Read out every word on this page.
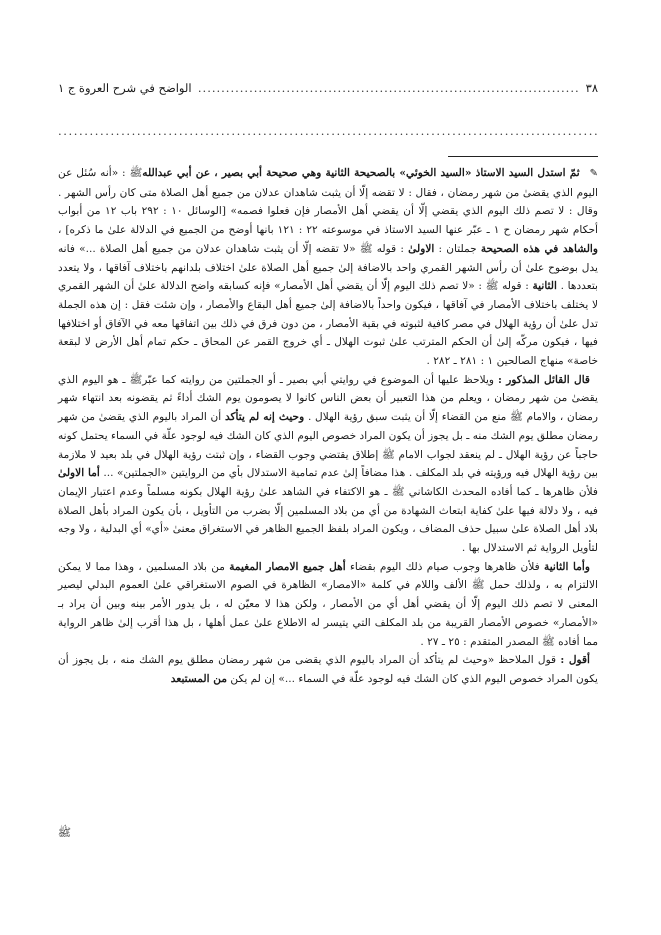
٣٨
.....
الواضح في شرح العروة ج ١
.....

✎ ثمّ استدل السيد الاستاذ «السيد الخوئي» بالصحيحة الثانية وهي صحيحة أبي بصير ، عن أبي عبداللهﷺ : «أنه سُئل عن اليوم الذي يقضىٰ من شهر رمضان ، فقال : لا تقضه إلّا أن يثبت شاهدان عدلان من جميع أهل الصلاة متى كان رأس الشهر . وقال : لا تصم ذلك اليوم الذي يقضي إلّا أن يقضي أهل الأمصار فإن فعلوا فصمه» [الوسائل ١٠ : ٢٩٢ باب ١٢ من أبواب أحكام شهر رمضان ح ١ ـ عبّر عنها السيد الاستاذ في موسوعته ٢٢ : ١٢١ بانها أوضح من الجميع في الدلالة علىٰ ما ذكره] ، والشاهد في هذه الصحيحة جملتان : الاولىٰ : قوله ﷺ «لا تقضه إلّا أن يثبت شاهدان عدلان من جميع أهل الصلاة ...» فانه يدل بوضوح علىٰ أن رأس الشهر القمري واحد بالاضافة إلىٰ جميع أهل الصلاة علىٰ اختلاف بلدانهم باختلاف آفاقها ، ولا يتعدد بتعددها . الثانية : قوله ﷺ : «لا تصم ذلك اليوم إلّا أن يقضي أهل الأمصار» فإنه كسابقه واضح الدلالة علىٰ أن الشهر القمري لا يختلف باختلاف الأمصار في آفاقها ، فيكون واحداً بالاضافة إلىٰ جميع أهل البقاع والأمصار ، وإن شئت فقل : إن هذه الجملة تدل علىٰ أن رؤية الهلال في مصر كافية لثبوته في بقية الأمصار ، من دون فرق في ذلك بين اتفاقها معه في الآفاق أو اختلافها فيها ، فيكون مركّه إلىٰ أن الحكم المترتب علىٰ ثبوت الهلال ـ أي خروج القمر عن المحاق ـ حكم تمام أهل الأرض لا لبقعة خاصة» منهاج الصالحين ١ : ٢٨١ ـ ٢٨٢ .

قال القائل المذكور : ويلاحظ عليها أن الموضوع في روايتي أبي بصير ـ أو الجملتين من روايته كما عبّرﷺ ـ هو اليوم الذي يقضىٰ من شهر رمضان ، ويعلم من هذا التعبير أن بعض الناس كانوا لا يصومون يوم الشك أداءً ثم يقضونه بعد انتهاء شهر رمضان ، والامام ﷺ منع من القضاء إلّا أن يثبت سبق رؤية الهلال . وحيث إنه لم يتأكد أن المراد باليوم الذي يقضىٰ من شهر رمضان مطلق يوم الشك منه ـ بل يجوز أن يكون المراد خصوص اليوم الذي كان الشك فيه لوجود علّة في السماء يحتمل كونه حاجباً عن رؤية الهلال ـ لم ينعقد لجواب الامام ﷺ إطلاق يقتضي وجوب القضاء ، وإن ثبتت رؤية الهلال في بلد بعيد لا ملازمة بين رؤية الهلال فيه ورؤيته في بلد المكلف . هذا مضافاً إلىٰ عدم تمامية الاستدلال بأي من الروايتين «الجملتين» ... أما الاولىٰ فلأن ظاهرها ـ كما أفاده المحدث الكاشاني ﷺ ـ هو الاكتفاء في الشاهد علىٰ رؤية الهلال بكونه مسلماً وعدم اعتبار الإيمان فيه ، ولا دلالة فيها علىٰ كفاية ابتعاث الشهادة من أي من بلاد المسلمين إلّا بضرب من التأويل ، بأن يكون المراد بأهل الصلاة بلاد أهل الصلاة علىٰ سبيل حذف المضاف ، ويكون المراد بلفظ الجميع الظاهر في الاستغراق معنىٰ «أي» أي البدلية ، ولا وجه لتأويل الرواية ثم الاستدلال بها .

وأما الثانية فلأن ظاهرها وجوب صيام ذلك اليوم بقضاء أهل جميع الامصار المغيمة من بلاد المسلمين ، وهذا مما لا يمكن الالتزام به ، ولذلك حمل ﷺ الألف واللام في كلمة «الامصار» الظاهرة في الصوم الاستغراقي علىٰ العموم البدلي ليصير المعنى لا تصم ذلك اليوم إلّا أن يقضي أهل أي من الأمصار ، ولكن هذا لا معيّن له ، بل يدور الأمر بينه وبين أن يراد بـ «الأمصار» خصوص الأمصار القريبة من بلد المكلف التي يتيسر له الاطلاع علىٰ عمل أهلها ، بل هذا أقرب إلىٰ ظاهر الرواية مما أفاده ﷺ المصدر المتقدم : ٢٥ ـ ٢٧ .

أقول : قول الملاحظ «وحيث لم يتأكد أن المراد باليوم الذي يقضى من شهر رمضان مطلق يوم الشك منه ، بل يجوز أن يكون المراد خصوص اليوم الذي كان الشك فيه لوجود علّة في السماء ...» إن لم يكن من المستبعد

ﷺ
